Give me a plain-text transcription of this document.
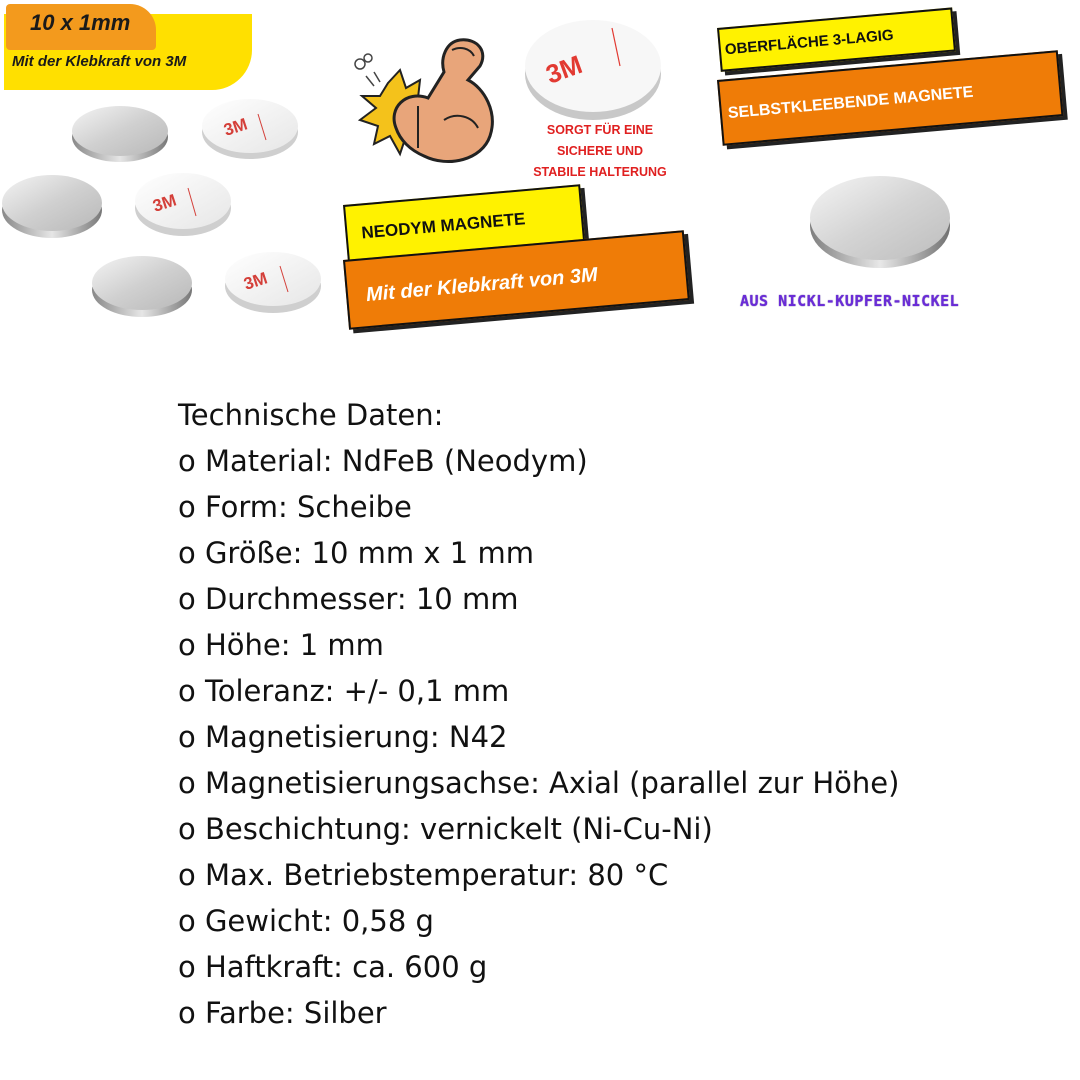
10 x 1mm
Mit der Klebkraft von 3M
3M
3M
3M
3M
SORGT FÜR EINE
SICHERE UND
STABILE HALTERUNG
NEODYM MAGNETE
Mit der Klebkraft von 3M
OBERFLÄCHE 3-LAGIG
SELBSTKLEEBENDE MAGNETE
AUS NICKL-KUPFER-NICKEL
Technische Daten:
o Material: NdFeB (Neodym)
o Form: Scheibe
o Größe: 10 mm x 1 mm
o Durchmesser: 10 mm
o Höhe: 1 mm
o Toleranz: +/- 0,1 mm
o Magnetisierung: N42
o Magnetisierungsachse: Axial (parallel zur Höhe)
o Beschichtung: vernickelt (Ni-Cu-Ni)
o Max. Betriebstemperatur: 80 °C
o Gewicht: 0,58 g
o Haftkraft: ca. 600 g
o Farbe: Silber
